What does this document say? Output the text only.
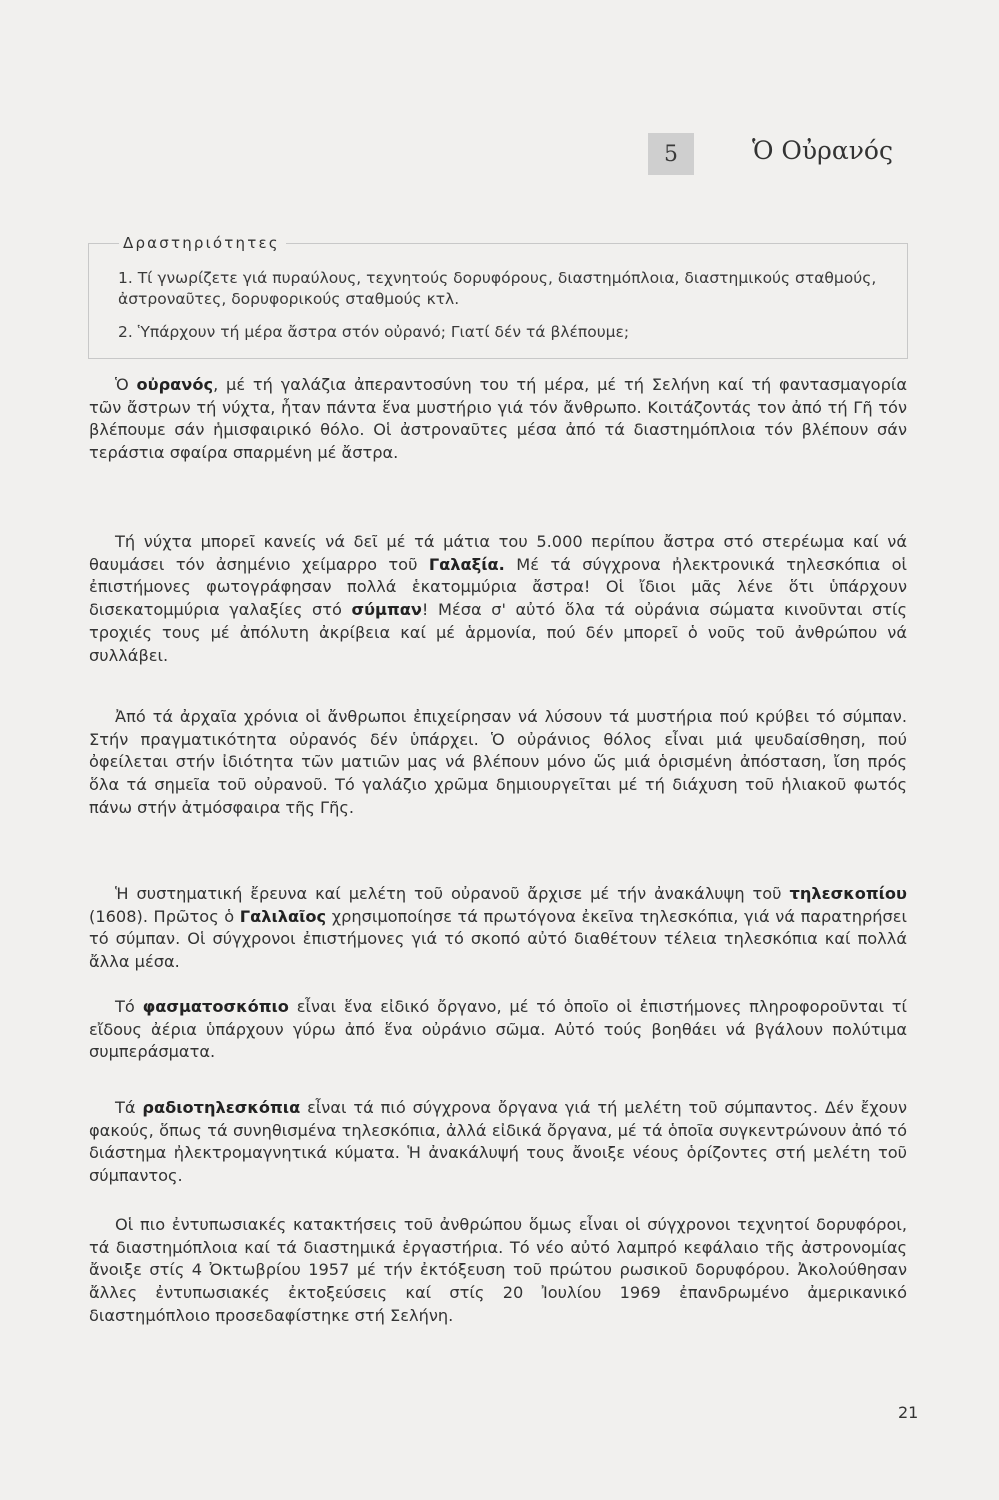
5	Ὁ Οὐρανός
Δραστηριότητες
1. Τί γνωρίζετε γιά πυραύλους, τεχνητούς δορυφόρους, διαστημόπλοια, διαστημικούς σταθμούς, ἀστροναῦτες, δορυφορικούς σταθμούς κτλ.
2. Ὑπάρχουν τή μέρα ἄστρα στόν οὐρανό; Γιατί δέν τά βλέπουμε;

Ὁ οὐρανός, μέ τή γαλάζια ἀπεραντοσύνη του τή μέρα, μέ τή Σελήνη καί τή φαντασμαγορία τῶν ἄστρων τή νύχτα, ἦταν πάντα ἕνα μυστήριο γιά τόν ἄνθρωπο. Κοιτάζοντάς τον ἀπό τή Γῆ τόν βλέπουμε σάν ἡμισφαιρικό θόλο. Οἱ ἀστροναῦτες μέσα ἀπό τά διαστημόπλοια τόν βλέπουν σάν τεράστια σφαίρα σπαρμένη μέ ἄστρα.

Τή νύχτα μπορεῖ κανείς νά δεῖ μέ τά μάτια του 5.000 περίπου ἄστρα στό στερέωμα καί νά θαυμάσει τόν ἀσημένιο χείμαρρο τοῦ Γαλαξία. Μέ τά σύγχρονα ἠλεκτρονικά τηλεσκόπια οἱ ἐπιστήμονες φωτογράφησαν πολλά ἑκατομμύρια ἄστρα! Οἱ ἴδιοι μᾶς λένε ὅτι ὑπάρχουν δισεκατομμύρια γαλαξίες στό σύμπαν! Μέσα σ' αὐτό ὅλα τά οὐράνια σώματα κινοῦνται στίς τροχιές τους μέ ἀπόλυτη ἀκρίβεια καί μέ ἁρμονία, πού δέν μπορεῖ ὁ νοῦς τοῦ ἀνθρώπου νά συλλάβει.

Ἀπό τά ἀρχαῖα χρόνια οἱ ἄνθρωποι ἐπιχείρησαν νά λύσουν τά μυστήρια πού κρύβει τό σύμπαν. Στήν πραγματικότητα οὐρανός δέν ὑπάρχει. Ὁ οὐράνιος θόλος εἶναι μιά ψευδαίσθηση, πού ὀφείλεται στήν ἰδιότητα τῶν ματιῶν μας νά βλέπουν μόνο ὥς μιά ὁρισμένη ἀπόσταση, ἴση πρός ὅλα τά σημεῖα τοῦ οὐρανοῦ. Τό γαλάζιο χρῶμα δημιουργεῖται μέ τή διάχυση τοῦ ἡλιακοῦ φωτός πάνω στήν ἀτμόσφαιρα τῆς Γῆς.

Ἡ συστηματική ἔρευνα καί μελέτη τοῦ οὐρανοῦ ἄρχισε μέ τήν ἀνακάλυψη τοῦ τηλεσκοπίου (1608). Πρῶτος ὁ Γαλιλαῖος χρησιμοποίησε τά πρωτόγονα ἐκεῖνα τηλεσκόπια, γιά νά παρατηρήσει τό σύμπαν. Οἱ σύγχρονοι ἐπιστήμονες γιά τό σκοπό αὐτό διαθέτουν τέλεια τηλεσκόπια καί πολλά ἄλλα μέσα.

Τό φασματοσκόπιο εἶναι ἕνα εἰδικό ὄργανο, μέ τό ὁποῖο οἱ ἐπιστήμονες πληροφοροῦνται τί εἴδους ἀέρια ὑπάρχουν γύρω ἀπό ἕνα οὐράνιο σῶμα. Αὐτό τούς βοηθάει νά βγάλουν πολύτιμα συμπεράσματα.

Τά ραδιοτηλεσκόπια εἶναι τά πιό σύγχρονα ὄργανα γιά τή μελέτη τοῦ σύμπαντος. Δέν ἔχουν φακούς, ὅπως τά συνηθισμένα τηλεσκόπια, ἀλλά εἰδικά ὄργανα, μέ τά ὁποῖα συγκεντρώνουν ἀπό τό διάστημα ἠλεκτρομαγνητικά κύματα. Ἡ ἀνακάλυψή τους ἄνοιξε νέους ὁρίζοντες στή μελέτη τοῦ σύμπαντος.

Οἱ πιο ἐντυπωσιακές κατακτήσεις τοῦ ἀνθρώπου ὅμως εἶναι οἱ σύγχρονοι τεχνητοί δορυφόροι, τά διαστημόπλοια καί τά διαστημικά ἐργαστήρια. Τό νέο αὐτό λαμπρό κεφάλαιο τῆς ἀστρονομίας ἄνοιξε στίς 4 Ὀκτωβρίου 1957 μέ τήν ἐκτόξευση τοῦ πρώτου ρωσικοῦ δορυφόρου. Ἀκολούθησαν ἄλλες ἐντυπωσιακές ἐκτοξεύσεις καί στίς 20 Ἰουλίου 1969 ἐπανδρωμένο ἀμερικανικό διαστημόπλοιο προσεδαφίστηκε στή Σελήνη.

21
